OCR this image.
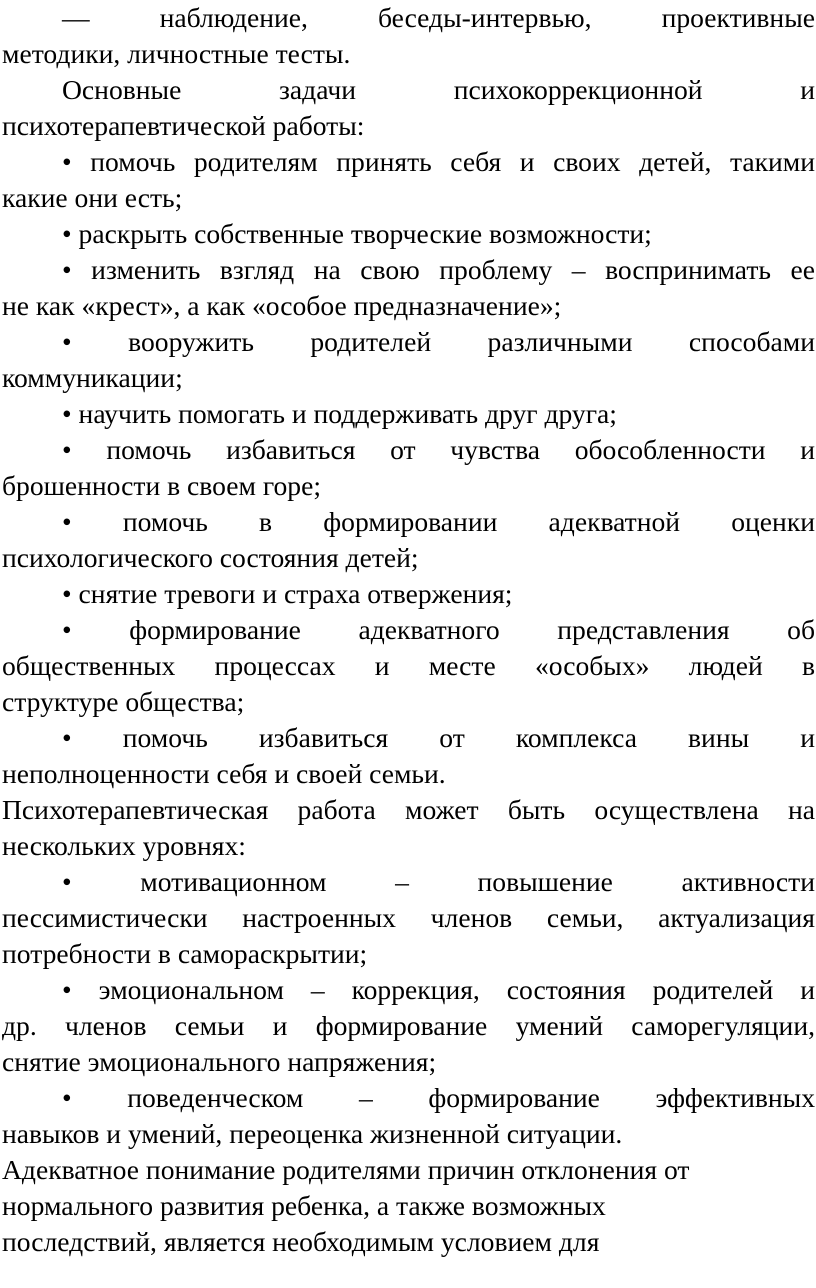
— наблюдение, беседы-интервью, проективные
методики, личностные тесты.
Основные задачи психокоррекционной и
психотерапевтической работы:
• помочь родителям принять себя и своих детей, такими
какие они есть;
• раскрыть собственные творческие возможности;
• изменить взгляд на свою проблему – воспринимать ее
не как «крест», а как «особое предназначение»;
• вооружить родителей различными способами
коммуникации;
• научить помогать и поддерживать друг друга;
• помочь избавиться от чувства обособленности и
брошенности в своем горе;
• помочь в формировании адекватной оценки
психологического состояния детей;
• снятие тревоги и страха отвержения;
• формирование адекватного представления об
общественных процессах и месте «особых» людей в
структуре общества;
• помочь избавиться от комплекса вины и
неполноценности себя и своей семьи.
Психотерапевтическая работа может быть осуществлена на
нескольких уровнях:
• мотивационном – повышение активности
пессимистически настроенных членов семьи, актуализация
потребности в самораскрытии;
• эмоциональном – коррекция, состояния родителей и
др. членов семьи и формирование умений саморегуляции,
снятие эмоционального напряжения;
• поведенческом – формирование эффективных
навыков и умений, переоценка жизненной ситуации.
Адекватное понимание родителями причин отклонения от
нормального развития ребенка, а также возможных
последствий, является необходимым условием для
